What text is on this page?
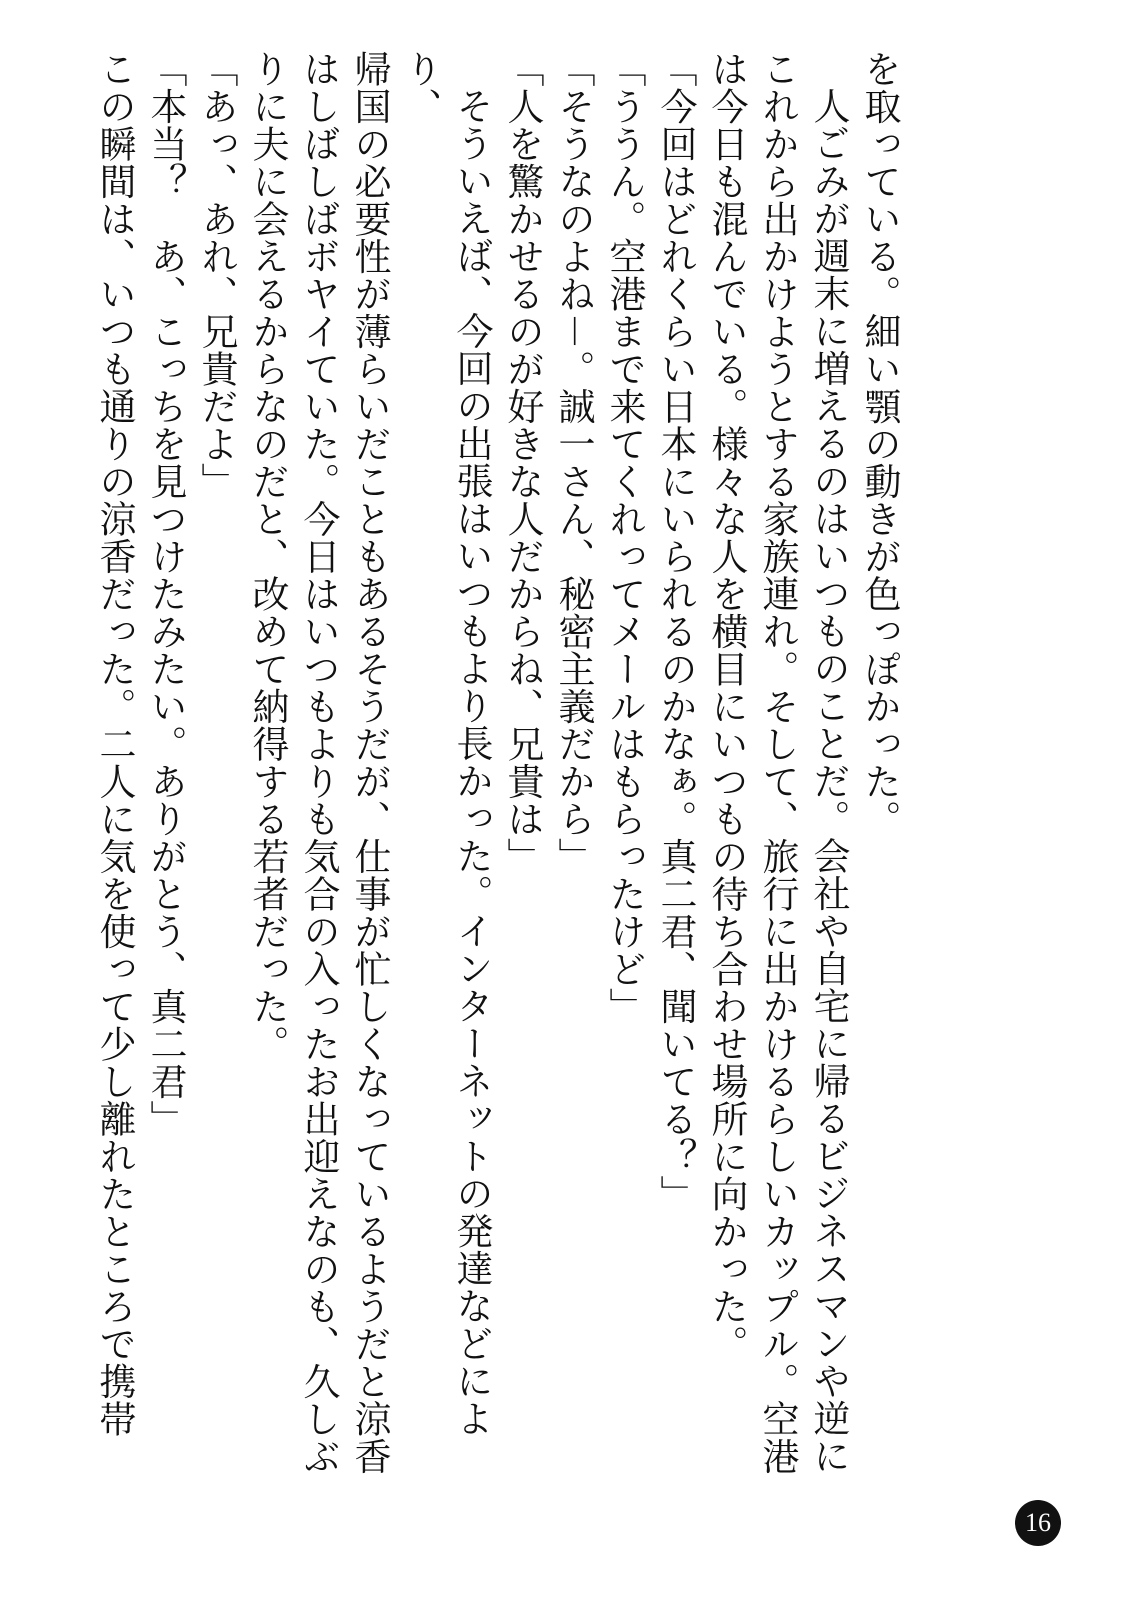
を取っている。細い顎の動きが色っぽかった。

人ごみが週末に増えるのはいつものことだ。会社や自宅に帰るビジネスマンや逆に

これから出かけようとする家族連れ。そして、旅行に出かけるらしいカップル。空港

は今日も混んでいる。様々な人を横目にいつもの待ち合わせ場所に向かった。

「今回はどれくらい日本にいられるのかなぁ。真二君、聞いてる？」

「ううん。空港まで来てくれってメールはもらったけど」

「そうなのよね－。誠一さん、秘密主義だから」

「人を驚かせるのが好きな人だからね、兄貴は」

そういえば、今回の出張はいつもより長かった。インターネットの発達などにより、

帰国の必要性が薄らいだこともあるそうだが、仕事が忙しくなっているようだと涼香

はしばしばボヤイていた。今日はいつもよりも気合の入ったお出迎えなのも、久しぶ

りに夫に会えるからなのだと、改めて納得する若者だった。

「あっ、あれ、兄貴だよ」

「本当？　あ、こっちを見つけたみたい。ありがとう、真二君」

この瞬間は、いつも通りの涼香だった。二人に気を使って少し離れたところで携帯

16
